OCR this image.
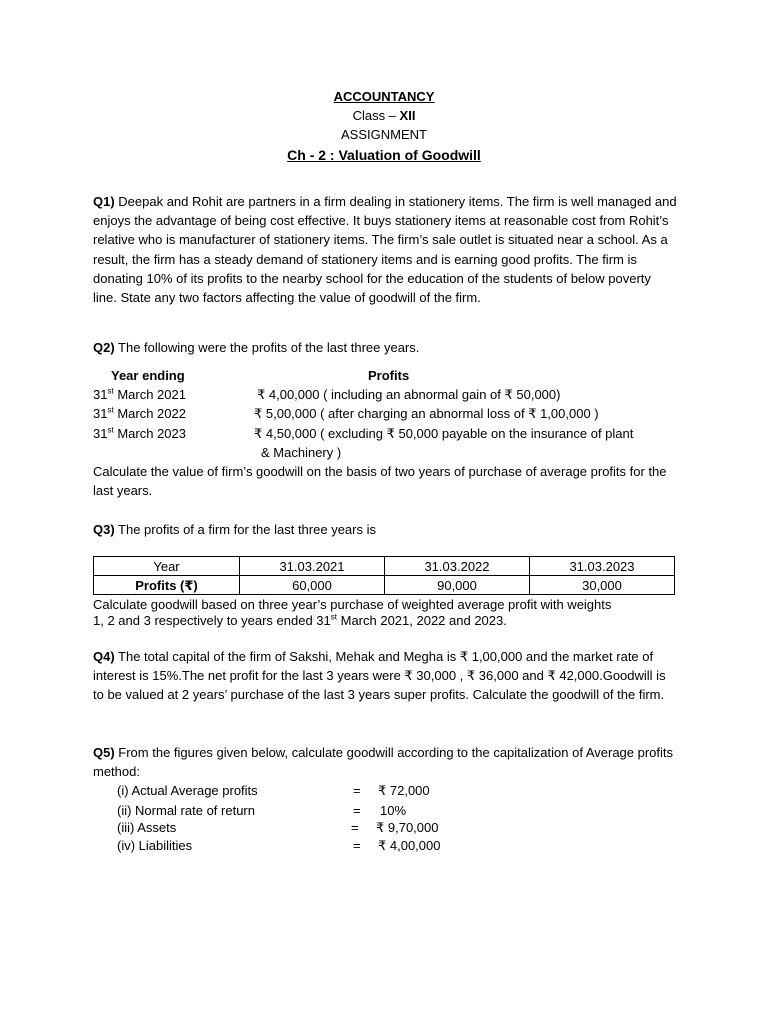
ACCOUNTANCY
Class – XII
ASSIGNMENT
Ch - 2 : Valuation of Goodwill
Q1) Deepak and Rohit are partners in a firm dealing in stationery items. The firm is well managed and enjoys the advantage of being cost effective. It buys stationery items at reasonable cost from Rohit’s relative who is manufacturer of stationery items. The firm’s sale outlet is situated near a school. As a result, the firm has a steady demand of stationery items and is earning good profits. The firm is donating 10% of its profits to the nearby school for the education of the students of below poverty line. State any two factors affecting the value of goodwill of the firm.
Q2) The following were the profits of the last three years.
Year ending	Profits
31st March 2021	₹ 4,00,000 ( including an abnormal gain of ₹ 50,000)
31st March 2022	₹ 5,00,000 ( after charging an abnormal loss of ₹ 1,00,000 )
31st March 2023	₹ 4,50,000 ( excluding ₹ 50,000 payable on the insurance of plant
& Machinery )
Calculate the value of firm’s goodwill on the basis of two years of purchase of average profits for the last years.
Q3) The profits of a firm for the last three years is
Year	31.03.2021	31.03.2022	31.03.2023
Profits (₹)	60,000	90,000	30,000
Calculate goodwill based on three year’s purchase of weighted average profit with weights
1, 2 and 3 respectively to years ended 31st March 2021, 2022 and 2023.
Q4) The total capital of the firm of Sakshi, Mehak and Megha is ₹ 1,00,000 and the market rate of interest is 15%.The net profit for the last 3 years were ₹ 30,000 , ₹ 36,000 and ₹ 42,000.Goodwill is to be valued at 2 years’ purchase of the last 3 years super profits. Calculate the goodwill of the firm.
Q5) From the figures given below, calculate goodwill according to the capitalization of Average profits method:
(i) Actual Average profits	= ₹ 72,000
(ii) Normal rate of return	= 10%
(iii) Assets	= ₹ 9,70,000
(iv) Liabilities	= ₹ 4,00,000
